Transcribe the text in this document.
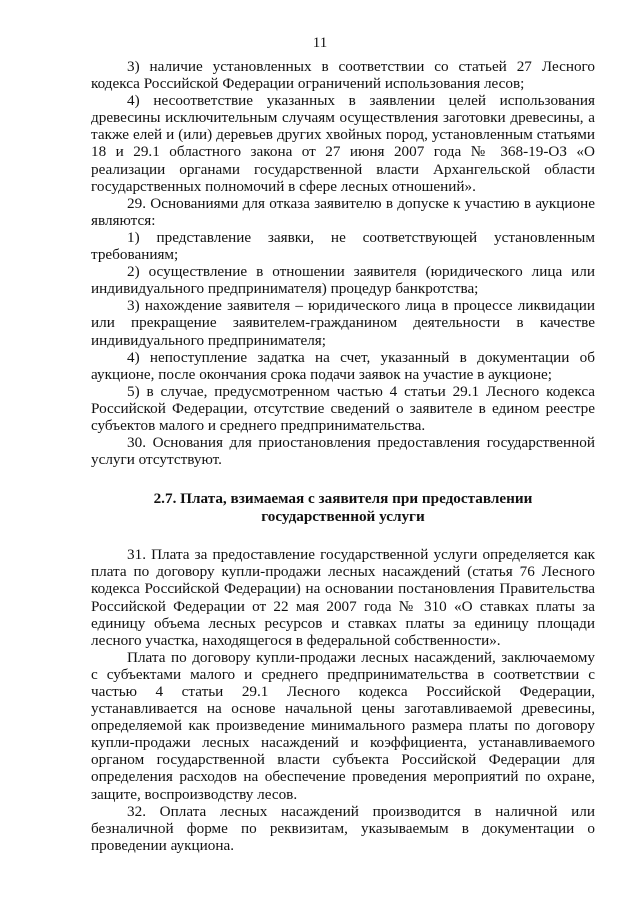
11

3) наличие установленных в соответствии со статьей 27 Лесного кодекса Российской Федерации ограничений использования лесов;

4) несоответствие указанных в заявлении целей использования древесины исключительным случаям осуществления заготовки древесины, а также елей и (или) деревьев других хвойных пород, установленным статьями 18 и 29.1 областного закона от 27 июня 2007 года № 368-19-ОЗ «О реализации органами государственной власти Архангельской области государственных полномочий в сфере лесных отношений».

29. Основаниями для отказа заявителю в допуске к участию в аукционе являются:

1) представление заявки, не соответствующей установленным требованиям;

2) осуществление в отношении заявителя (юридического лица или индивидуального предпринимателя) процедур банкротства;

3) нахождение заявителя – юридического лица в процессе ликвидации или прекращение заявителем-гражданином деятельности в качестве индивидуального предпринимателя;

4) непоступление задатка на счет, указанный в документации об аукционе, после окончания срока подачи заявок на участие в аукционе;

5) в случае, предусмотренном частью 4 статьи 29.1 Лесного кодекса Российской Федерации, отсутствие сведений о заявителе в едином реестре субъектов малого и среднего предпринимательства.

30. Основания для приостановления предоставления государственной услуги отсутствуют.

2.7. Плата, взимаемая с заявителя при предоставлении
государственной услуги

31. Плата за предоставление государственной услуги определяется как плата по договору купли-продажи лесных насаждений (статья 76 Лесного кодекса Российской Федерации) на основании постановления Правительства Российской Федерации от 22 мая 2007 года № 310 «О ставках платы за единицу объема лесных ресурсов и ставках платы за единицу площади лесного участка, находящегося в федеральной собственности».

Плата по договору купли-продажи лесных насаждений, заключаемому с субъектами малого и среднего предпринимательства в соответствии с частью 4 статьи 29.1 Лесного кодекса Российской Федерации, устанавливается на основе начальной цены заготавливаемой древесины, определяемой как произведение минимального размера платы по договору купли-продажи лесных насаждений и коэффициента, устанавливаемого органом государственной власти субъекта Российской Федерации для определения расходов на обеспечение проведения мероприятий по охране, защите, воспроизводству лесов.

32. Оплата лесных насаждений производится в наличной или безналичной форме по реквизитам, указываемым в документации о проведении аукциона.
